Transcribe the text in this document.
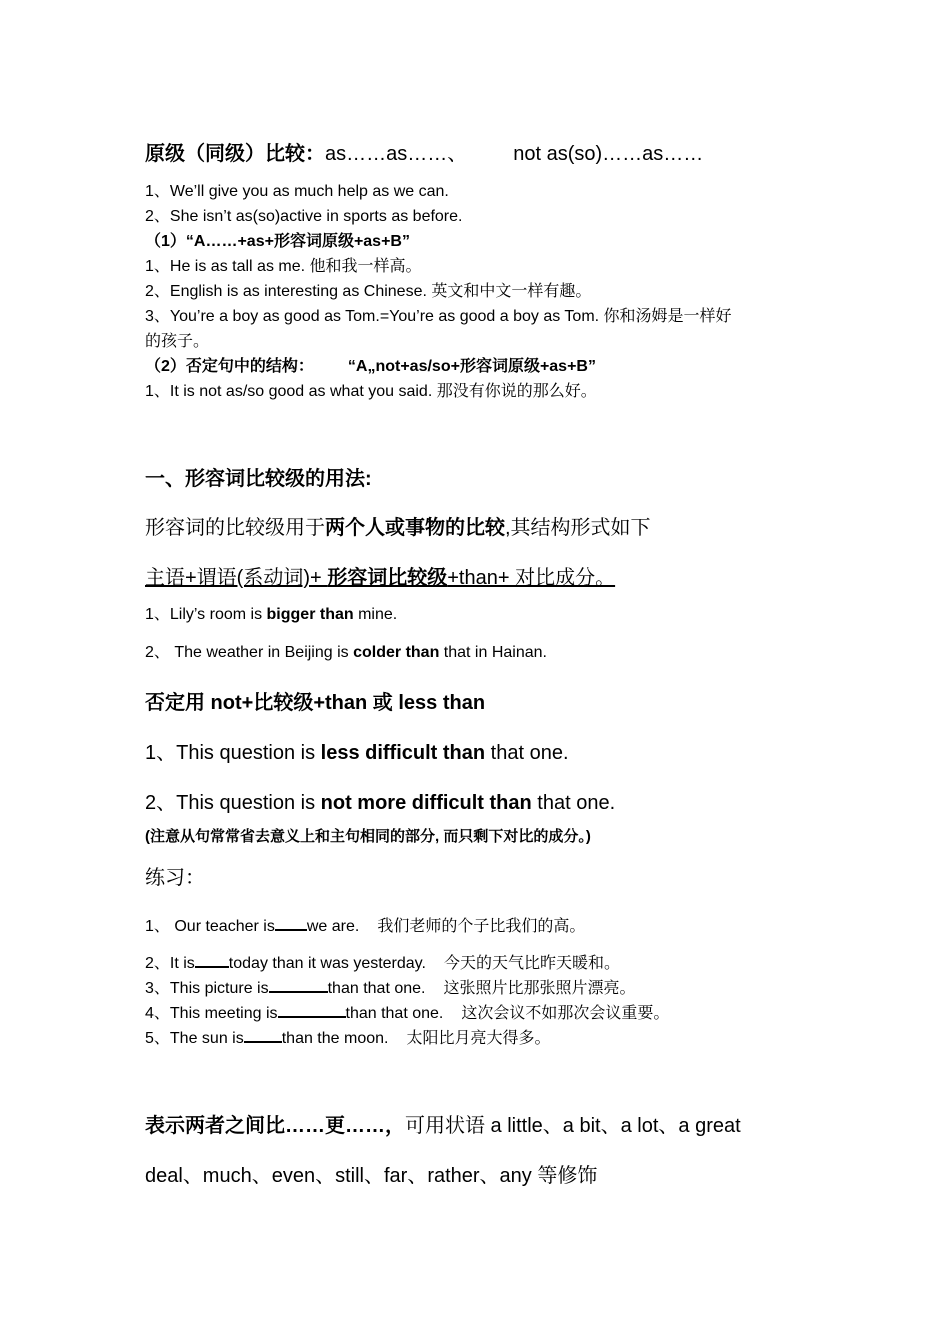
原级（同级）比较：as……as……、 not as(so)……as……
1、We’ll give you as much help as we can.
2、She isn’t as(so)active in sports as before.
（1）“A……+as+形容词原级+as+B”
1、He is as tall as me. 他和我一样高。
2、English is as interesting as Chinese. 英文和中文一样有趣。
3、You’re a boy as good as Tom.=You’re as good a boy as Tom. 你和汤姆是一样好
的孩子。
（2）否定句中的结构： “A„not+as/so+形容词原级+as+B”
1、It is not as/so good as what you said. 那没有你说的那么好。
一、形容词比较级的用法:
形容词的比较级用于两个人或事物的比较,其结构形式如下
主语+谓语(系动词)+ 形容词比较级+than+ 对比成分。
1、Lily’s room is bigger than mine.
2、 The weather in Beijing is colder than that in Hainan.
否定用 not+比较级+than 或 less than
1、This question is less difficult than that one.
2、This question is not more difficult than that one.
(注意从句常常省去意义上和主句相同的部分, 而只剩下对比的成分。)
练习：
1、 Our teacher is we are. 我们老师的个子比我们的高。
2、It is today than it was yesterday. 今天的天气比昨天暖和。
3、This picture is	than that one. 这张照片比那张照片漂亮。
4、This meeting is	than that one. 这次会议不如那次会议重要。
5、The sun is than the moon. 太阳比月亮大得多。
表示两者之间比……更……，可用状语 a little、a bit、a lot、a great
deal、much、even、still、far、rather、any 等修饰
